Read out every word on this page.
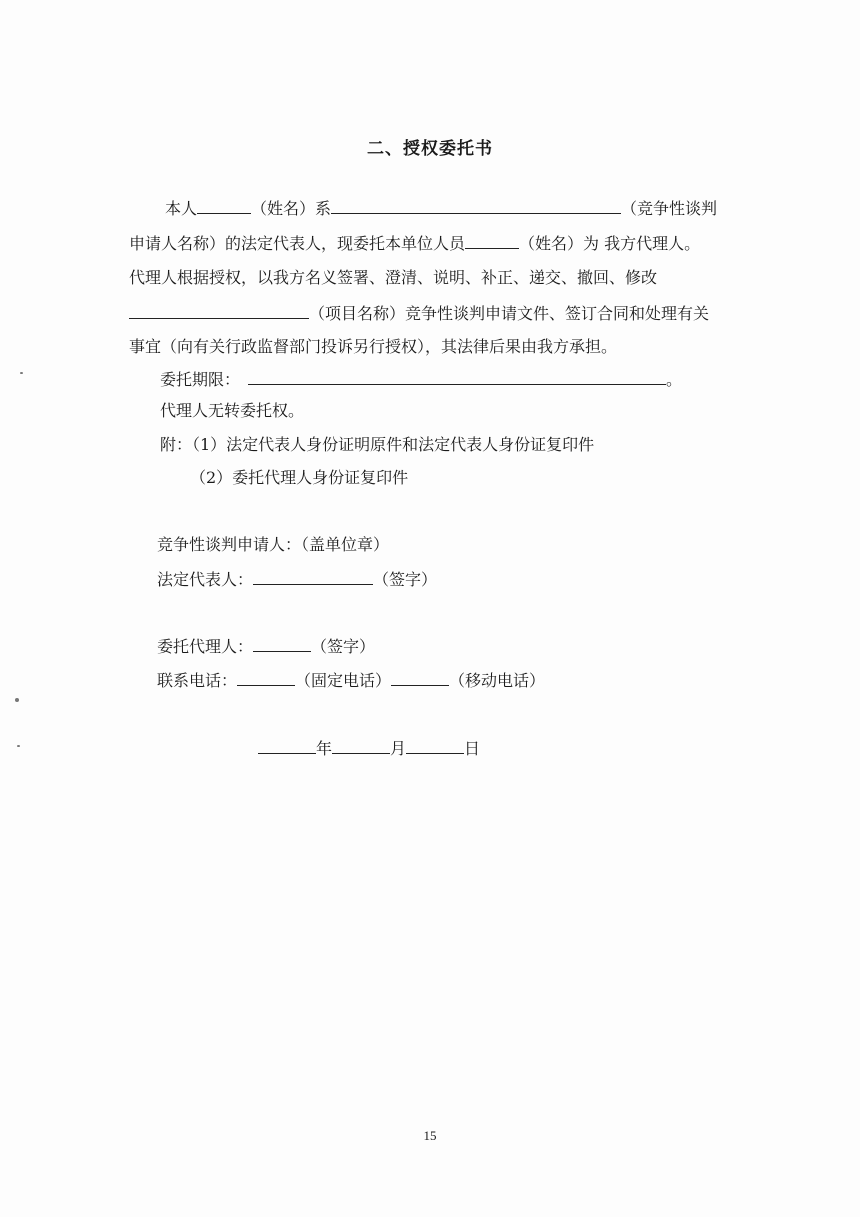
二、授权委托书
本人	（姓名）系	（竞争性谈判
申请人名称）的法定代表人，现委托本单位人员	（姓名）为 我方代理人。
代理人根据授权，以我方名义签署、澄清、说明、补正、递交、撤回、修改
（项目名称）竞争性谈判申请文件、签订合同和处理有关
事宜（向有关行政监督部门投诉另行授权），其法律后果由我方承担。
委托期限：	。
代理人无转委托权。
附：（1）法定代表人身份证明原件和法定代表人身份证复印件
（2）委托代理人身份证复印件
竞争性谈判申请人：（盖单位章）
法定代表人：	（签字）
委托代理人：	（签字）
联系电话：	（固定电话）	（移动电话）
年	月	日
15
